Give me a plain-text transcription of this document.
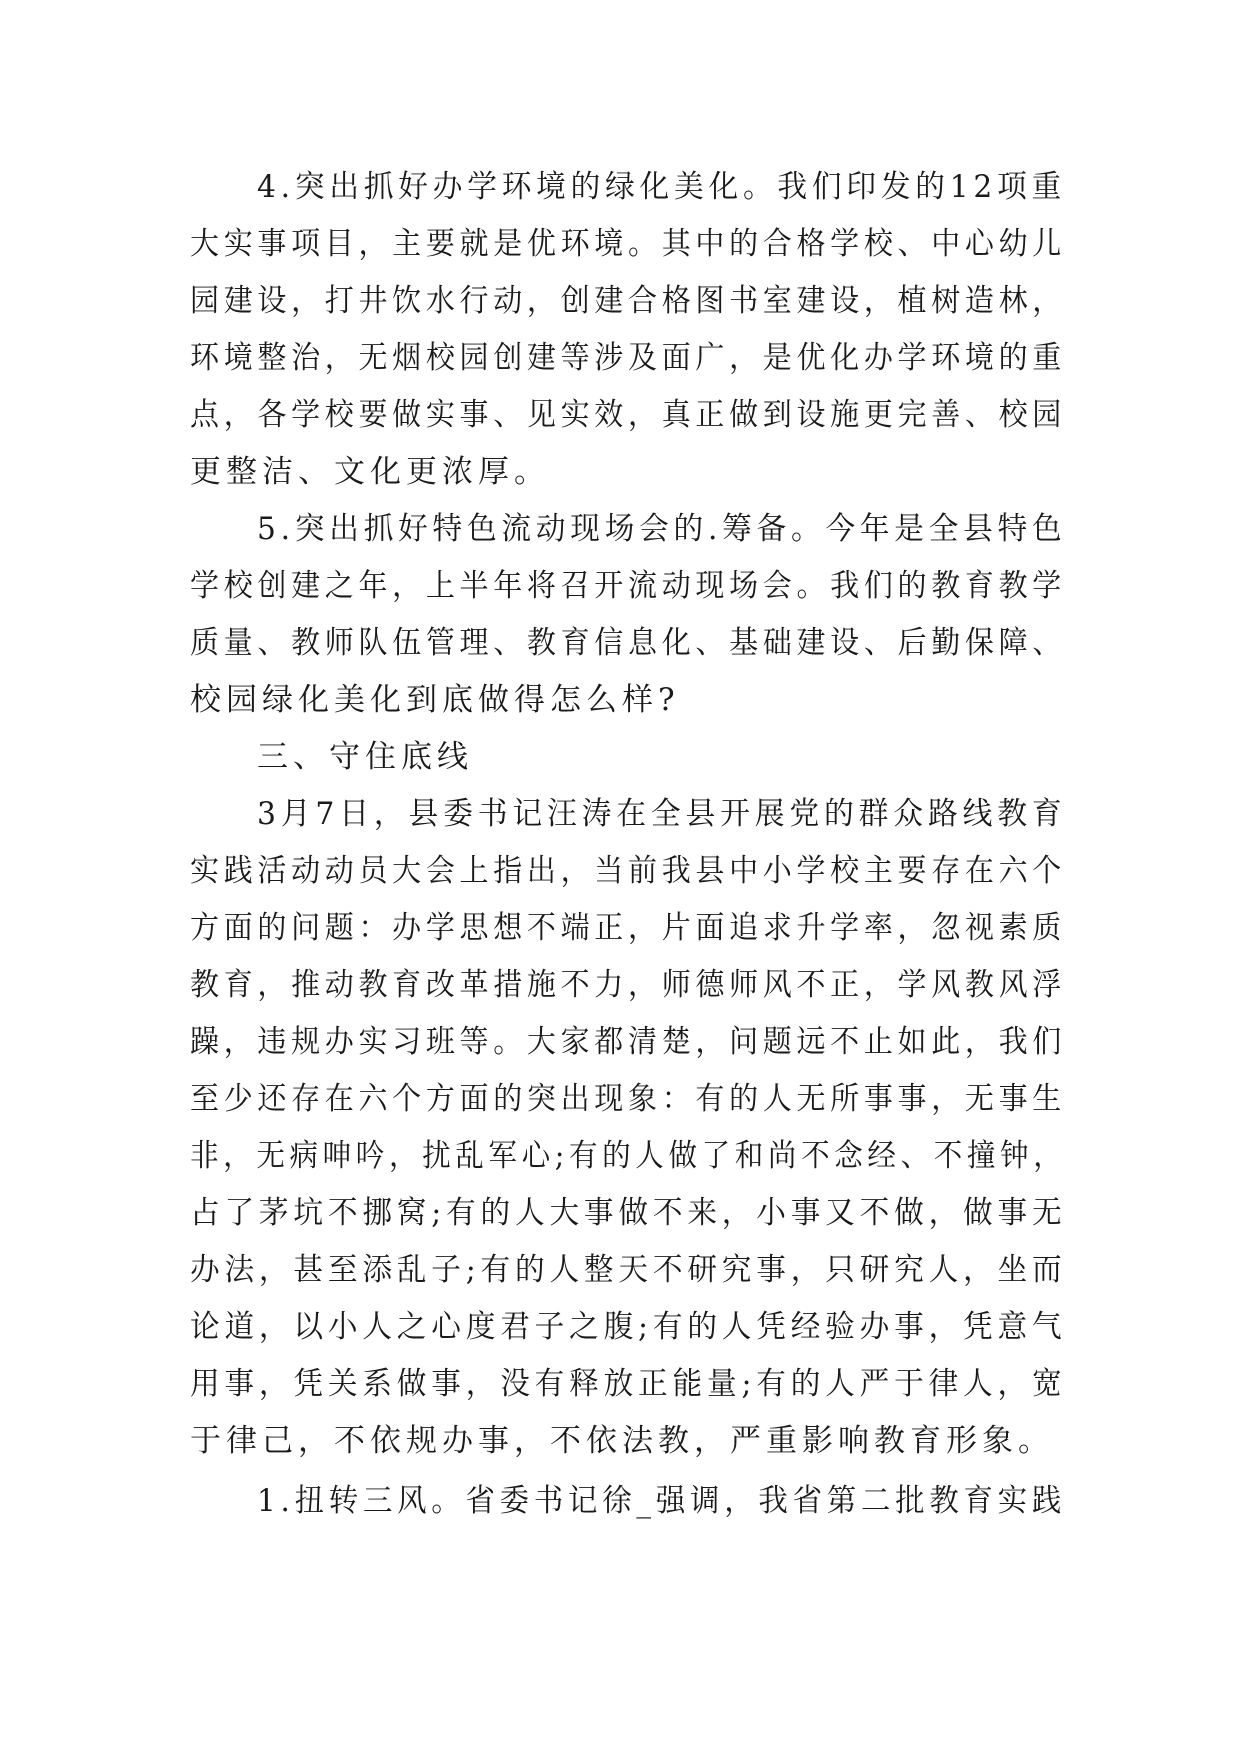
4.突出抓好办学环境的绿化美化。我们印发的12项重
大实事项目，主要就是优环境。其中的合格学校、中心幼儿
园建设，打井饮水行动，创建合格图书室建设，植树造林，
环境整治，无烟校园创建等涉及面广，是优化办学环境的重
点，各学校要做实事、见实效，真正做到设施更完善、校园
更整洁、文化更浓厚。
5.突出抓好特色流动现场会的.筹备。今年是全县特色
学校创建之年，上半年将召开流动现场会。我们的教育教学
质量、教师队伍管理、教育信息化、基础建设、后勤保障、
校园绿化美化到底做得怎么样?
三、守住底线
3月7日，县委书记汪涛在全县开展党的群众路线教育
实践活动动员大会上指出，当前我县中小学校主要存在六个
方面的问题：办学思想不端正，片面追求升学率，忽视素质
教育，推动教育改革措施不力，师德师风不正，学风教风浮
躁，违规办实习班等。大家都清楚，问题远不止如此，我们
至少还存在六个方面的突出现象：有的人无所事事，无事生
非，无病呻吟，扰乱军心;有的人做了和尚不念经、不撞钟，
占了茅坑不挪窝;有的人大事做不来，小事又不做，做事无
办法，甚至添乱子;有的人整天不研究事，只研究人，坐而
论道，以小人之心度君子之腹;有的人凭经验办事，凭意气
用事，凭关系做事，没有释放正能量;有的人严于律人，宽
于律己，不依规办事，不依法教，严重影响教育形象。
1.扭转三风。省委书记徐_强调，我省第二批教育实践
